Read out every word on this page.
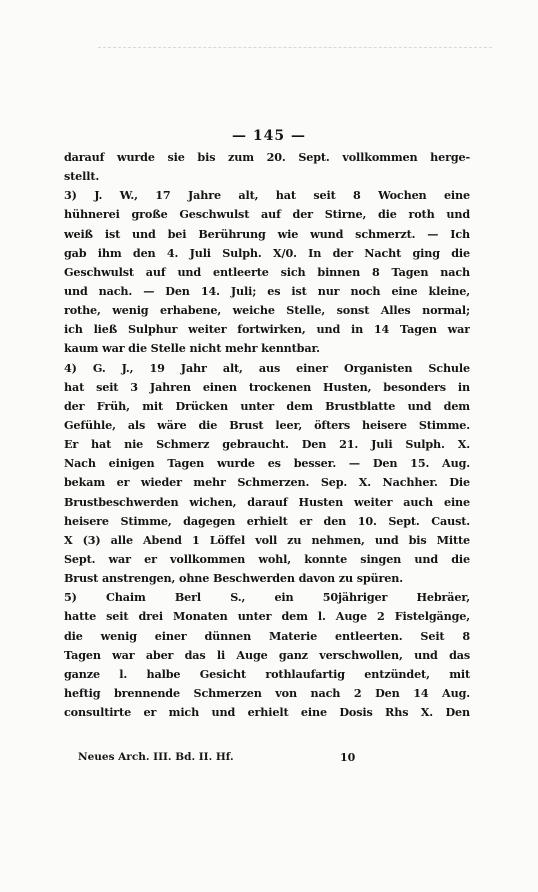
— 145 —
darauf wurde sie bis zum 20. Sept. vollkommen herge-
stellt.
3) J. W., 17 Jahre alt, hat seit 8 Wochen eine
hühnerei große Geschwulst auf der Stirne, die roth und
weiß ist und bei Berührung wie wund schmerzt. — Ich
gab ihm den 4. Juli Sulph. X/0. In der Nacht ging die
Geschwulst auf und entleerte sich binnen 8 Tagen nach
und nach. — Den 14. Juli; es ist nur noch eine kleine,
rothe, wenig erhabene, weiche Stelle, sonst Alles normal;
ich ließ Sulphur weiter fortwirken, und in 14 Tagen war
kaum war die Stelle nicht mehr kenntbar.
4) G. J., 19 Jahr alt, aus einer Organisten Schule
hat seit 3 Jahren einen trockenen Husten, besonders in
der Früh, mit Drücken unter dem Brustblatte und dem
Gefühle, als wäre die Brust leer, öfters heisere Stimme.
Er hat nie Schmerz gebraucht. Den 21. Juli Sulph. X.
Nach einigen Tagen wurde es besser. — Den 15. Aug.
bekam er wieder mehr Schmerzen. Sep. X. Nachher. Die
Brustbeschwerden wichen, darauf Husten weiter auch eine
heisere Stimme, dagegen erhielt er den 10. Sept. Caust.
X (3) alle Abend 1 Löffel voll zu nehmen, und bis Mitte
Sept. war er vollkommen wohl, konnte singen und die
Brust anstrengen, ohne Beschwerden davon zu spüren.
5) Chaim Berl S., ein 50jähriger Hebräer,
hatte seit drei Monaten unter dem l. Auge 2 Fistelgänge,
die wenig einer dünnen Materie entleerten. Seit 8
Tagen war aber das li Auge ganz verschwollen, und das
ganze l. halbe Gesicht rothlaufartig entzündet, mit
heftig brennende Schmerzen von nach 2 Den 14 Aug.
consultirte er mich und erhielt eine Dosis Rhs X. Den
Neues Arch. III. Bd. II. Hf.	10
